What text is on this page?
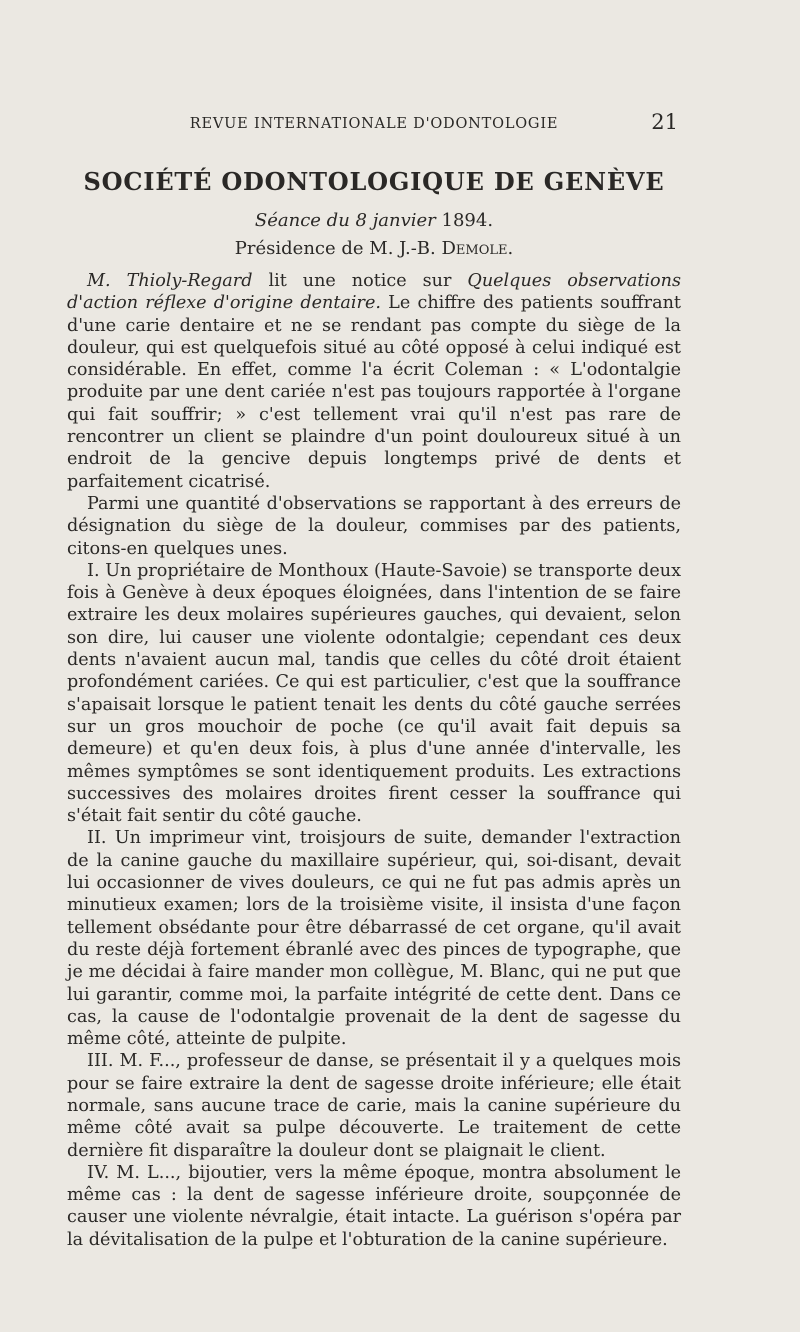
REVUE INTERNATIONALE D'ODONTOLOGIE	21
SOCIÉTÉ ODONTOLOGIQUE DE GENÈVE
Séance du 8 janvier 1894.
Présidence de M. J.-B. Demole.

M. Thioly-Regard lit une notice sur Quelques observations d'action réflexe d'origine dentaire. Le chiffre des patients souffrant d'une carie dentaire et ne se rendant pas compte du siège de la douleur, qui est quelquefois situé au côté opposé à celui indiqué est considérable. En effet, comme l'a écrit Coleman : « L'odontalgie produite par une dent cariée n'est pas toujours rapportée à l'organe qui fait souffrir; » c'est tellement vrai qu'il n'est pas rare de rencontrer un client se plaindre d'un point douloureux situé à un endroit de la gencive depuis longtemps privé de dents et parfaitement cicatrisé.

Parmi une quantité d'observations se rapportant à des erreurs de désignation du siège de la douleur, commises par des patients, citons-en quelques unes.

I. Un propriétaire de Monthoux (Haute-Savoie) se transporte deux fois à Genève à deux époques éloignées, dans l'intention de se faire extraire les deux molaires supérieures gauches, qui devaient, selon son dire, lui causer une violente odontalgie; cependant ces deux dents n'avaient aucun mal, tandis que celles du côté droit étaient profondément cariées. Ce qui est particulier, c'est que la souffrance s'apaisait lorsque le patient tenait les dents du côté gauche serrées sur un gros mouchoir de poche (ce qu'il avait fait depuis sa demeure) et qu'en deux fois, à plus d'une année d'intervalle, les mêmes symptômes se sont identiquement produits. Les extractions successives des molaires droites firent cesser la souffrance qui s'était fait sentir du côté gauche.

II. Un imprimeur vint, troisjours de suite, demander l'extraction de la canine gauche du maxillaire supérieur, qui, soi-disant, devait lui occasionner de vives douleurs, ce qui ne fut pas admis après un minutieux examen; lors de la troisième visite, il insista d'une façon tellement obsédante pour être débarrassé de cet organe, qu'il avait du reste déjà fortement ébranlé avec des pinces de typographe, que je me décidai à faire mander mon collègue, M. Blanc, qui ne put que lui garantir, comme moi, la parfaite intégrité de cette dent. Dans ce cas, la cause de l'odontalgie provenait de la dent de sagesse du même côté, atteinte de pulpite.

III. M. F..., professeur de danse, se présentait il y a quelques mois pour se faire extraire la dent de sagesse droite inférieure; elle était normale, sans aucune trace de carie, mais la canine supérieure du même côté avait sa pulpe découverte. Le traitement de cette dernière fit disparaître la douleur dont se plaignait le client.

IV. M. L..., bijoutier, vers la même époque, montra absolument le même cas : la dent de sagesse inférieure droite, soupçonnée de causer une violente névralgie, était intacte. La guérison s'opéra par la dévitalisation de la pulpe et l'obturation de la canine supérieure.
